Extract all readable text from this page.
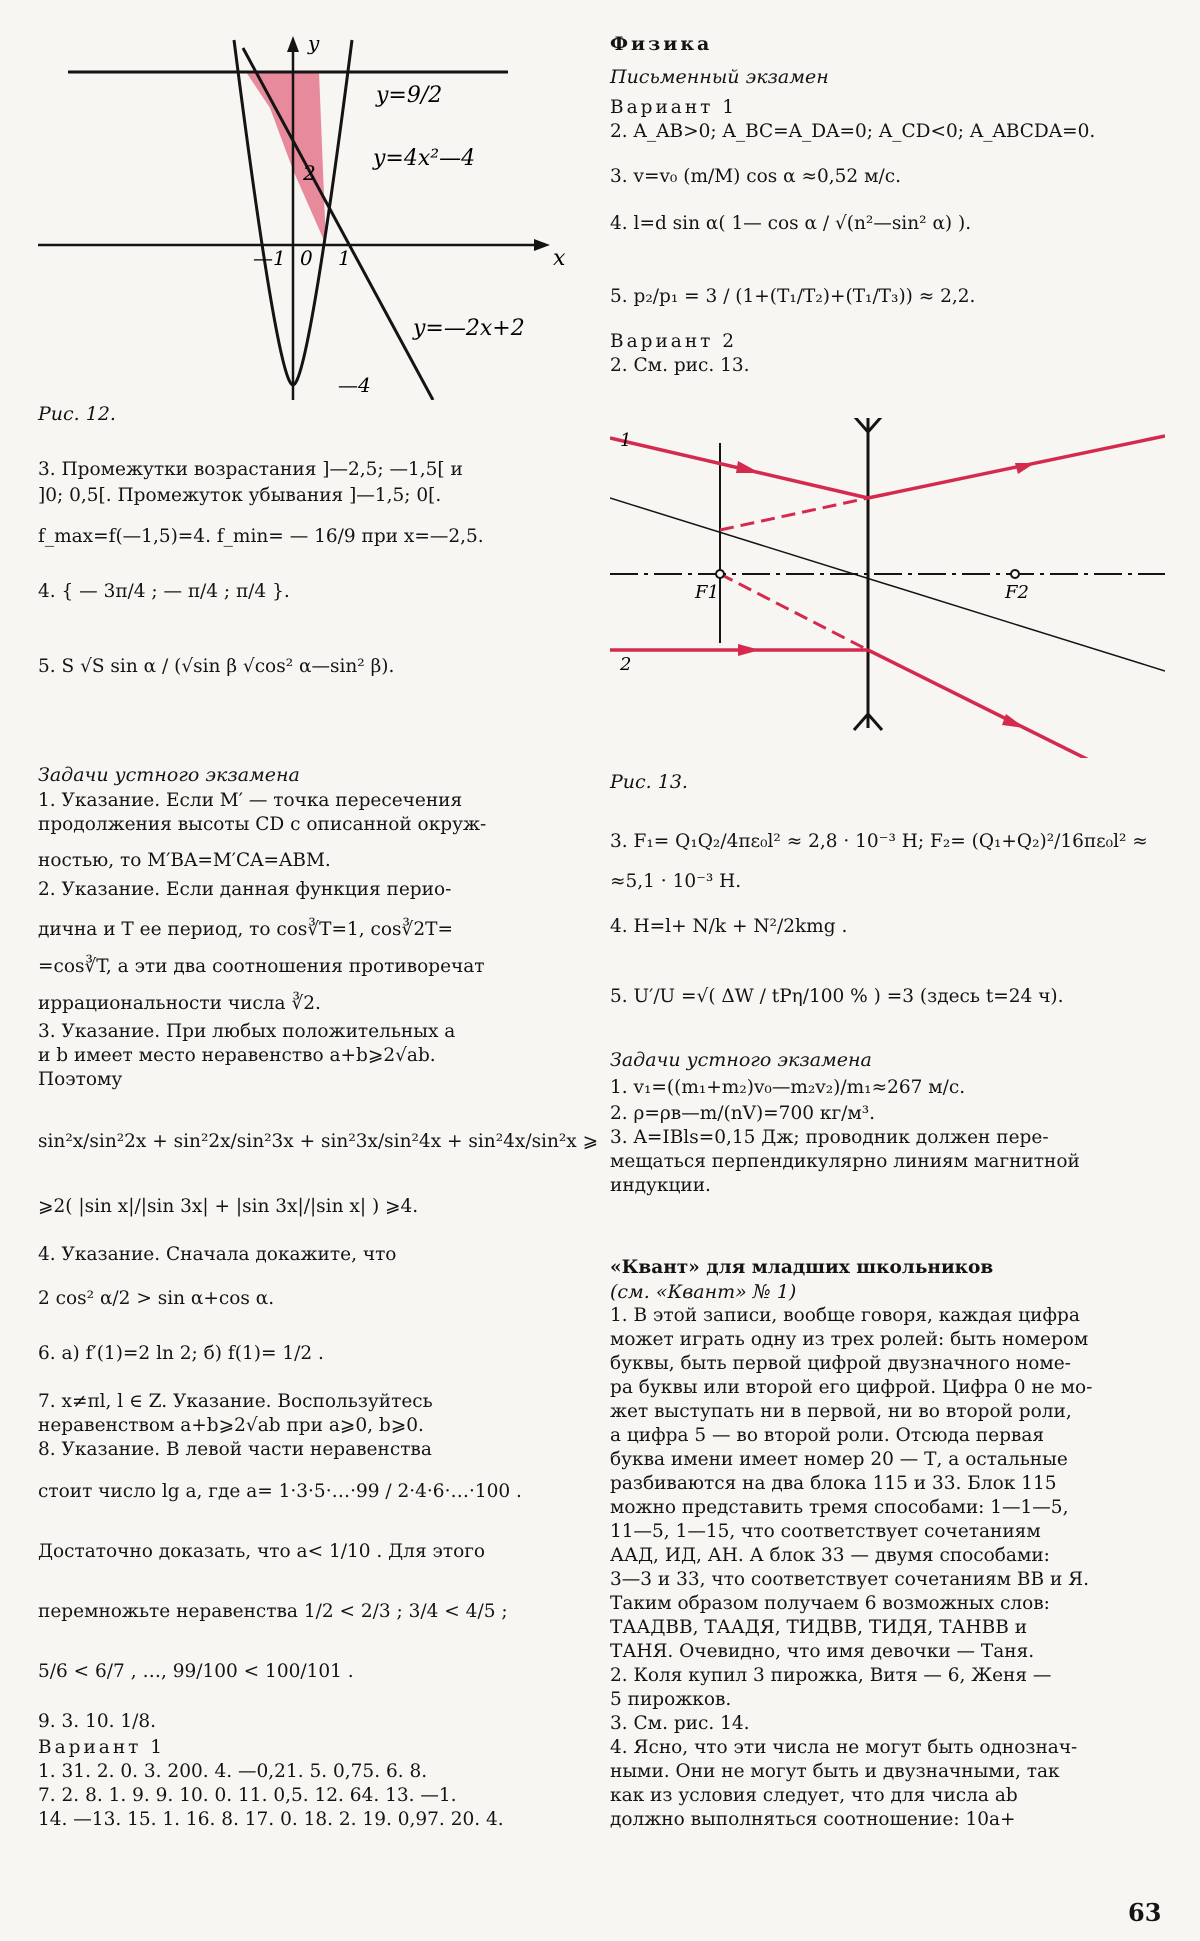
y
x
—1 0 1
2
—4
y=9/2
y=4x²—4
y=—2x+2
Рис. 12.
3. Промежутки возрастания ]—2,5; —1,5[ и
]0; 0,5[. Промежуток убывания ]—1,5; 0[.
f_max=f(—1,5)=4. f_min= — 16/9 при x=—2,5.
4. { — 3π/4 ; — π/4 ; π/4 }.
5. S √S sin α / (√sin β √cos² α—sin² β).
Задачи устного экзамена
1. Указание. Если M′ — точка пересечения
продолжения высоты CD с описанной окруж-
ностью, то M′BA=M′CA=ABM.
2. Указание. Если данная функция перио-
дична и T ее период, то cos∛T=1, cos∛2T=
=cos∛T, а эти два соотношения противоречат
иррациональности числа ∛2.
3. Указание. При любых положительных a
и b имеет место неравенство a+b⩾2√ab.
Поэтому
sin²x/sin²2x + sin²2x/sin²3x + sin²3x/sin²4x + sin²4x/sin²x ⩾
⩾2( |sin x|/|sin 3x| + |sin 3x|/|sin x| ) ⩾4.
4. Указание. Сначала докажите, что
2 cos² α/2 > sin α+cos α.
6. а) f′(1)=2 ln 2; б) f(1)= 1/2 .
7. x≠πl, l ∈ Z. Указание. Воспользуйтесь
неравенством a+b⩾2√ab при a⩾0, b⩾0.
8. Указание. В левой части неравенства
стоит число lg a, где a= 1·3·5·…·99 / 2·4·6·…·100 .
Достаточно доказать, что a< 1/10 . Для этого
перемножьте неравенства 1/2 < 2/3 ; 3/4 < 4/5 ;
5/6 < 6/7 , …, 99/100 < 100/101 .
9. 3. 10. 1/8.
Вариант 1
1. 31. 2. 0. 3. 200. 4. —0,21. 5. 0,75. 6. 8.
7. 2. 8. 1. 9. 9. 10. 0. 11. 0,5. 12. 64. 13. —1.
14. —13. 15. 1. 16. 8. 17. 0. 18. 2. 19. 0,97. 20. 4.
Физика
Письменный экзамен
Вариант 1
2. A_AB>0; A_BC=A_DA=0; A_CD<0; A_ABCDA=0.
3. v=v₀ (m/M) cos α ≈0,52 м/с.
4. l=d sin α( 1— cos α / √(n²—sin² α) ).
5. p₂/p₁ = 3 / (1+(T₁/T₂)+(T₁/T₃)) ≈ 2,2.
Вариант 2
2. См. рис. 13.
1
2
F1	F2
Рис. 13.
3. F₁= Q₁Q₂/4πε₀l² ≈ 2,8 · 10⁻³ Н; F₂= (Q₁+Q₂)²/16πε₀l² ≈
≈5,1 · 10⁻³ Н.
4. H=l+ N/k + N²/2kmg .
5. U′/U =√( ΔW / tPη/100 % ) =3 (здесь t=24 ч).
Задачи устного экзамена
1. v₁=((m₁+m₂)v₀—m₂v₂)/m₁≈267 м/с.
2. ρ=ρв—m/(nV)=700 кг/м³.
3. A=IBls=0,15 Дж; проводник должен пере-
мещаться перпендикулярно линиям магнитной
индукции.
«Квант» для младших школьников
(см. «Квант» № 1)
1. В этой записи, вообще говоря, каждая цифра
может играть одну из трех ролей: быть номером
буквы, быть первой цифрой двузначного номе-
ра буквы или второй его цифрой. Цифра 0 не мо-
жет выступать ни в первой, ни во второй роли,
а цифра 5 — во второй роли. Отсюда первая
буква имени имеет номер 20 — Т, а остальные
разбиваются на два блока 115 и 33. Блок 115
можно представить тремя способами: 1—1—5,
11—5, 1—15, что соответствует сочетаниям
ААД, ИД, АН. А блок 33 — двумя способами:
3—3 и 33, что соответствует сочетаниям ВВ и Я.
Таким образом получаем 6 возможных слов:
ТААДВВ, ТААДЯ, ТИДВВ, ТИДЯ, ТАНВВ и
ТАНЯ. Очевидно, что имя девочки — Таня.
2. Коля купил 3 пирожка, Витя — 6, Женя —
5 пирожков.
3. См. рис. 14.
4. Ясно, что эти числа не могут быть однознач-
ными. Они не могут быть и двузначными, так
как из условия следует, что для числа ab
должно выполняться соотношение: 10a+
63
